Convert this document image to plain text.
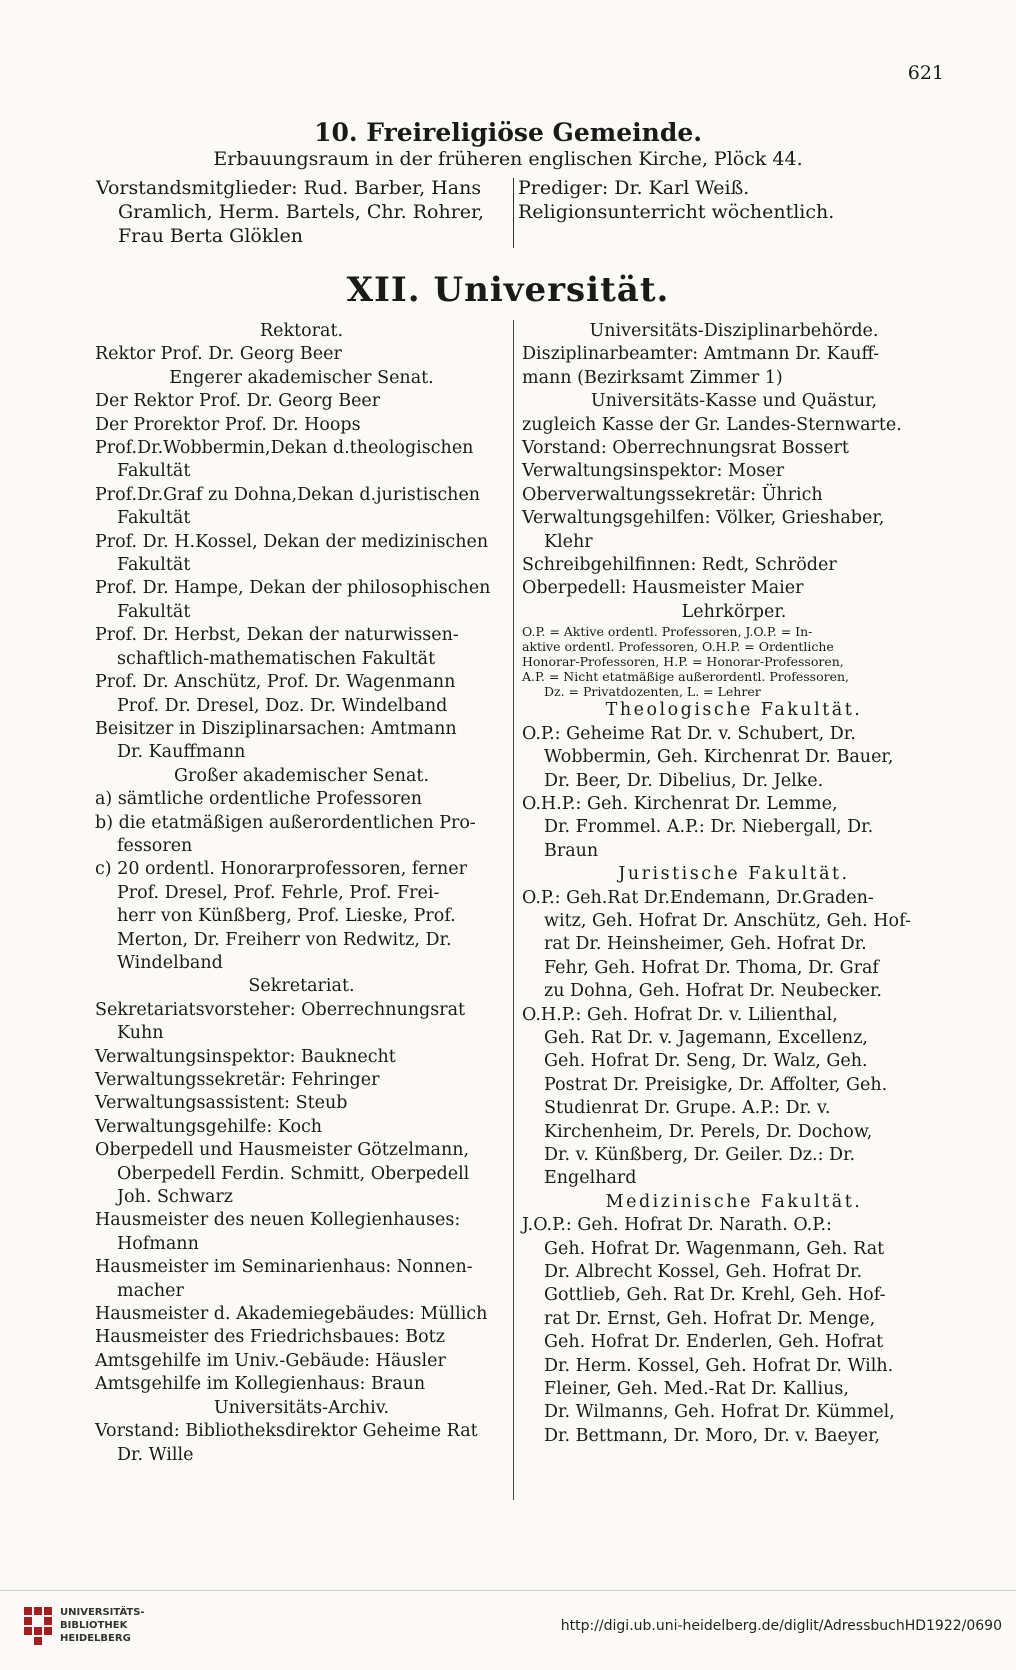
621
10. Freireligiöse Gemeinde.
Erbauungsraum in der früheren englischen Kirche, Plöck 44.
Vorstandsmitglieder: Rud. Barber, Hans
Gramlich, Herm. Bartels, Chr. Rohrer,
Frau Berta Glöklen
Prediger: Dr. Karl Weiß.
Religionsunterricht wöchentlich.
XII. Universität.

Rektorat.

Rektor Prof. Dr. Georg Beer

Engerer akademischer Senat.

Der Rektor Prof. Dr. Georg Beer

Der Prorektor Prof. Dr. Hoops

Prof.Dr.Wobbermin,Dekan d.theologischen

Fakultät

Prof.Dr.Graf zu Dohna,Dekan d.juristischen

Fakultät

Prof. Dr. H.Kossel, Dekan der medizinischen

Fakultät

Prof. Dr. Hampe, Dekan der philosophischen

Fakultät

Prof. Dr. Herbst, Dekan der naturwissen-

schaftlich-mathematischen Fakultät

Prof. Dr. Anschütz, Prof. Dr. Wagenmann

Prof. Dr. Dresel, Doz. Dr. Windelband

Beisitzer in Disziplinarsachen: Amtmann

Dr. Kauffmann

Großer akademischer Senat.

a) sämtliche ordentliche Professoren

b) die etatmäßigen außerordentlichen Pro-

fessoren

c) 20 ordentl. Honorarprofessoren, ferner

Prof. Dresel, Prof. Fehrle, Prof. Frei-

herr von Künßberg, Prof. Lieske, Prof.

Merton, Dr. Freiherr von Redwitz, Dr.

Windelband

Sekretariat.

Sekretariatsvorsteher: Oberrechnungsrat

Kuhn

Verwaltungsinspektor: Bauknecht

Verwaltungssekretär: Fehringer

Verwaltungsassistent: Steub

Verwaltungsgehilfe: Koch

Oberpedell und Hausmeister Götzelmann,

Oberpedell Ferdin. Schmitt, Oberpedell

Joh. Schwarz

Hausmeister des neuen Kollegienhauses:

Hofmann

Hausmeister im Seminarienhaus: Nonnen-

macher

Hausmeister d. Akademiegebäudes: Müllich

Hausmeister des Friedrichsbaues: Botz

Amtsgehilfe im Univ.-Gebäude: Häusler

Amtsgehilfe im Kollegienhaus: Braun

Universitäts-Archiv.

Vorstand: Bibliotheksdirektor Geheime Rat

Dr. Wille

Universitäts-Disziplinarbehörde.

Disziplinarbeamter: Amtmann Dr. Kauff-

mann (Bezirksamt Zimmer 1)

Universitäts-Kasse und Quästur,

zugleich Kasse der Gr. Landes-Sternwarte.

Vorstand: Oberrechnungsrat Bossert

Verwaltungsinspektor: Moser

Oberverwaltungssekretär: Ührich

Verwaltungsgehilfen: Völker, Grieshaber,

Klehr

Schreibgehilfinnen: Redt, Schröder

Oberpedell: Hausmeister Maier

Lehrkörper.

O.P. = Aktive ordentl. Professoren, J.O.P. = In-

aktive ordentl. Professoren, O.H.P. = Ordentliche

Honorar-Professoren, H.P. = Honorar-Professoren,

A.P. = Nicht etatmäßige außerordentl. Professoren,

Dz. = Privatdozenten, L. = Lehrer

Theologische Fakultät.

O.P.: Geheime Rat Dr. v. Schubert, Dr.

Wobbermin, Geh. Kirchenrat Dr. Bauer,

Dr. Beer, Dr. Dibelius, Dr. Jelke.

O.H.P.: Geh. Kirchenrat Dr. Lemme,

Dr. Frommel. A.P.: Dr. Niebergall, Dr.

Braun

Juristische Fakultät.

O.P.: Geh.Rat Dr.Endemann, Dr.Graden-

witz, Geh. Hofrat Dr. Anschütz, Geh. Hof-

rat Dr. Heinsheimer, Geh. Hofrat Dr.

Fehr, Geh. Hofrat Dr. Thoma, Dr. Graf

zu Dohna, Geh. Hofrat Dr. Neubecker.

O.H.P.: Geh. Hofrat Dr. v. Lilienthal,

Geh. Rat Dr. v. Jagemann, Excellenz,

Geh. Hofrat Dr. Seng, Dr. Walz, Geh.

Postrat Dr. Preisigke, Dr. Affolter, Geh.

Studienrat Dr. Grupe. A.P.: Dr. v.

Kirchenheim, Dr. Perels, Dr. Dochow,

Dr. v. Künßberg, Dr. Geiler. Dz.: Dr.

Engelhard

Medizinische Fakultät.

J.O.P.: Geh. Hofrat Dr. Narath. O.P.:

Geh. Hofrat Dr. Wagenmann, Geh. Rat

Dr. Albrecht Kossel, Geh. Hofrat Dr.

Gottlieb, Geh. Rat Dr. Krehl, Geh. Hof-

rat Dr. Ernst, Geh. Hofrat Dr. Menge,

Geh. Hofrat Dr. Enderlen, Geh. Hofrat

Dr. Herm. Kossel, Geh. Hofrat Dr. Wilh.

Fleiner, Geh. Med.-Rat Dr. Kallius,

Dr. Wilmanns, Geh. Hofrat Dr. Kümmel,

Dr. Bettmann, Dr. Moro, Dr. v. Baeyer,

UNIVERSITÄTS-
BIBLIOTHEK
HEIDELBERG
http://digi.ub.uni-heidelberg.de/diglit/AdressbuchHD1922/0690
